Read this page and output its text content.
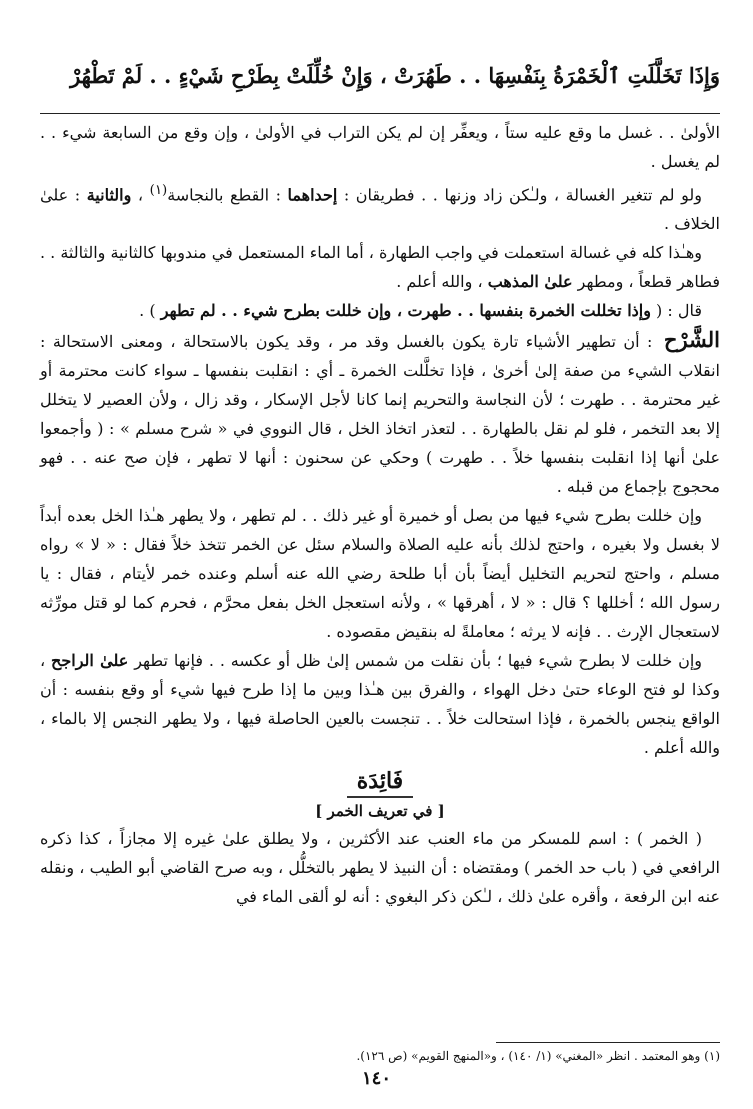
وَإِذَا تَخَلَّلَتِ ٱلْخَمْرَةُ بِنَفْسِهَا . . طَهُرَتْ ، وَإِنْ خُلِّلَتْ بِطَرْحِ شَيْءٍ . . لَمْ تَطْهُرْ

الأولىٰ . . غسل ما وقع عليه ستاً ، ويعفِّر إن لم يكن التراب في الأولىٰ ، وإن وقع من السابعة شيء . . لم يغسل .

ولو لم تتغير الغسالة ، ولـٰكن زاد وزنها . . فطريقان : إحداهما : القطع بالنجاسة$^{(١)}$ ، والثانية : علىٰ الخلاف .

وهـٰذا كله في غسالة استعملت في واجب الطهارة ، أما الماء المستعمل في مندوبها كالثانية والثالثة . . فطاهر قطعاً ، ومطهر علىٰ المذهب ، والله أعلم .

قال : ( وإذا تخللت الخمرة بنفسها . . طهرت ، وإن خللت بطرح شيء . . لم تطهر ) .

الشَّرْح : أن تطهير الأشياء تارة يكون بالغسل وقد مر ، وقد يكون بالاستحالة ، ومعنى الاستحالة : انقلاب الشيء من صفة إلىٰ أخرىٰ ، فإذا تخلَّلت الخمرة ـ أي : انقلبت بنفسها ـ سواء كانت محترمة أو غير محترمة . . طهرت ؛ لأن النجاسة والتحريم إنما كانا لأجل الإسكار ، وقد زال ، ولأن العصير لا يتخلل إلا بعد التخمر ، فلو لم نقل بالطهارة . . لتعذر اتخاذ الخل ، قال النووي في « شرح مسلم » : ( وأجمعوا علىٰ أنها إذا انقلبت بنفسها خلاً . . طهرت ) وحكي عن سحنون : أنها لا تطهر ، فإن صح عنه . . فهو محجوج بإجماع من قبله .

وإن خللت بطرح شيء فيها من بصل أو خميرة أو غير ذلك . . لم تطهر ، ولا يطهر هـٰذا الخل بعده أبداً لا بغسل ولا بغيره ، واحتج لذلك بأنه عليه الصلاة والسلام سئل عن الخمر تتخذ خلاً فقال : « لا » رواه مسلم ، واحتج لتحريم التخليل أيضاً بأن أبا طلحة رضي الله عنه أسلم وعنده خمر لأيتام ، فقال : يا رسول الله ؛ أخللها ؟ قال : « لا ، أهرقها » ، ولأنه استعجل الخل بفعل محرَّم ، فحرم كما لو قتل مورِّثه لاستعجال الإرث . . فإنه لا يرثه ؛ معاملةً له بنقيض مقصوده .

وإن خللت لا بطرح شيء فيها ؛ بأن نقلت من شمس إلىٰ ظل أو عكسه . . فإنها تطهر علىٰ الراجح ، وكذا لو فتح الوعاء حتىٰ دخل الهواء ، والفرق بين هـٰذا وبين ما إذا طرح فيها شيء أو وقع بنفسه : أن الواقع ينجس بالخمرة ، فإذا استحالت خلاً . . تنجست بالعين الحاصلة فيها ، ولا يطهر النجس إلا بالماء ، والله أعلم .

فَائِدَة
[ في تعريف الخمر ]

( الخمر ) : اسم للمسكر من ماء العنب عند الأكثرين ، ولا يطلق علىٰ غيره إلا مجازاً ، كذا ذكره الرافعي في ( باب حد الخمر ) ومقتضاه : أن النبيذ لا يطهر بالتخلُّل ، وبه صرح القاضي أبو الطيب ، ونقله عنه ابن الرفعة ، وأقره علىٰ ذلك ، لـٰكن ذكر البغوي : أنه لو ألقى الماء في

(١) وهو المعتمد . انظر «المغني» (١/ ١٤٠) ، و«المنهج القويم» (ص ١٢٦).
١٤٠
